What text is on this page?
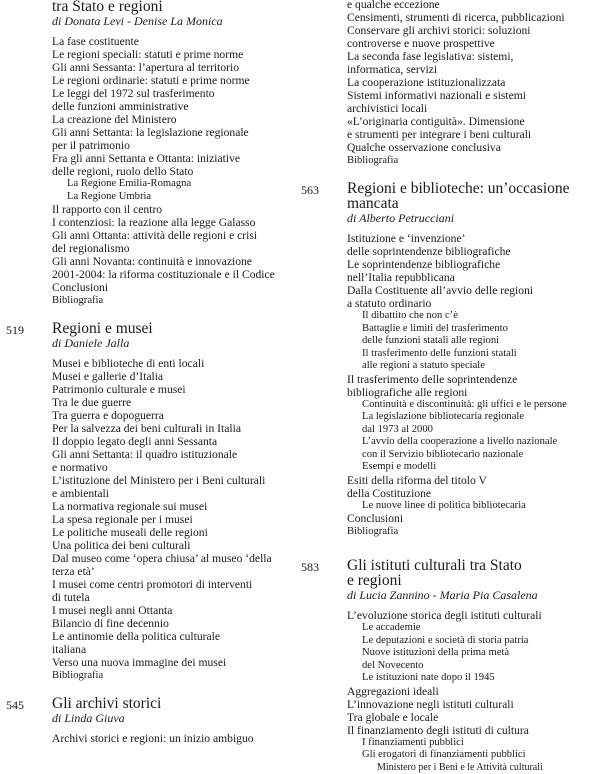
tra Stato e regioni
di Donata Levi - Denise La Monica
La fase costituente
Le regioni speciali: statuti e prime norme
Gli anni Sessanta: l’apertura al territorio
Le regioni ordinarie: statuti e prime norme
Le leggi del 1972 sul trasferimento
delle funzioni amministrative
La creazione del Ministero
Gli anni Settanta: la legislazione regionale
per il patrimonio
Fra gli anni Settanta e Ottanta: iniziative
delle regioni, ruolo dello Stato
La Regione Emilia-Romagna
La Regione Umbria
Il rapporto con il centro
I contenziosi: la reazione alla legge Galasso
Gli anni Ottanta: attività delle regioni e crisi
del regionalismo
Gli anni Novanta: continuità e innovazione
2001-2004: la riforma costituzionale e il Codice
Conclusioni
Bibliografia
519	Regioni e musei
di Daniele Jalla
Musei e biblioteche di enti locali
Musei e gallerie d’Italia
Patrimonio culturale e musei
Tra le due guerre
Tra guerra e dopoguerra
Per la salvezza dei beni culturali in Italia
Il doppio legato degli anni Sessanta
Gli anni Settanta: il quadro istituzionale
e normativo
L’istituzione del Ministero per i Beni culturali
e ambientali
La normativa regionale sui musei
La spesa regionale per i musei
Le politiche museali delle regioni
Una politica dei beni culturali
Dal museo come ‘opera chiusa’ al museo ‘della
terza età’
I musei come centri promotori di interventi
di tutela
I musei negli anni Ottanta
Bilancio di fine decennio
Le antinomie della politica culturale
italiana
Verso una nuova immagine dei musei
Bibliografia
545	Gli archivi storici
di Linda Giuva
Archivi storici e regioni: un inizio ambiguo
e qualche eccezione
Censimenti, strumenti di ricerca, pubblicazioni
Conservare gli archivi storici: soluzioni
controverse e nuove prospettive
La seconda fase legislativa: sistemi,
informatica, servizi
La cooperazione istituzionalizzata
Sistemi informativi nazionali e sistemi
archivistici locali
«L’originaria contiguità». Dimensione
e strumenti per integrare i beni culturali
Qualche osservazione conclusiva
Bibliografia
563	Regioni e biblioteche: un’occasione
mancata
di Alberto Petrucciani
Istituzione e ‘invenzione’
delle soprintendenze bibliografiche
Le soprintendenze bibliografiche
nell’Italia repubblicana
Dalla Costituente all’avvio delle regioni
a statuto ordinario
Il dibattito che non c’è
Battaglie e limiti del trasferimento
delle funzioni statali alle regioni
Il trasferimento delle funzioni statali
alle regioni a statuto speciale
Il trasferimento delle soprintendenze
bibliografiche alle regioni
Continuità e discontinuità: gli uffici e le persone
La legislazione bibliotecaria regionale
dal 1973 al 2000
L’avvio della cooperazione a livello nazionale
con il Servizio bibliotecario nazionale
Esempi e modelli
Esiti della riforma del titolo V
della Costituzione
Le nuove linee di politica bibliotecaria
Conclusioni
Bibliografia
583	Gli istituti culturali tra Stato
e regioni
di Lucia Zannino - Maria Pia Casalena
L’evoluzione storica degli istituti culturali
Le accademie
Le deputazioni e società di storia patria
Nuove istituzioni della prima metà
del Novecento
Le istituzioni nate dopo il 1945
Aggregazioni ideali
L’innovazione negli istituti culturali
Tra globale e locale
Il finanziamento degli istituti di cultura
I finanziamenti pubblici
Gli erogatori di finanziamenti pubblici
Ministero per i Beni e le Attività culturali
